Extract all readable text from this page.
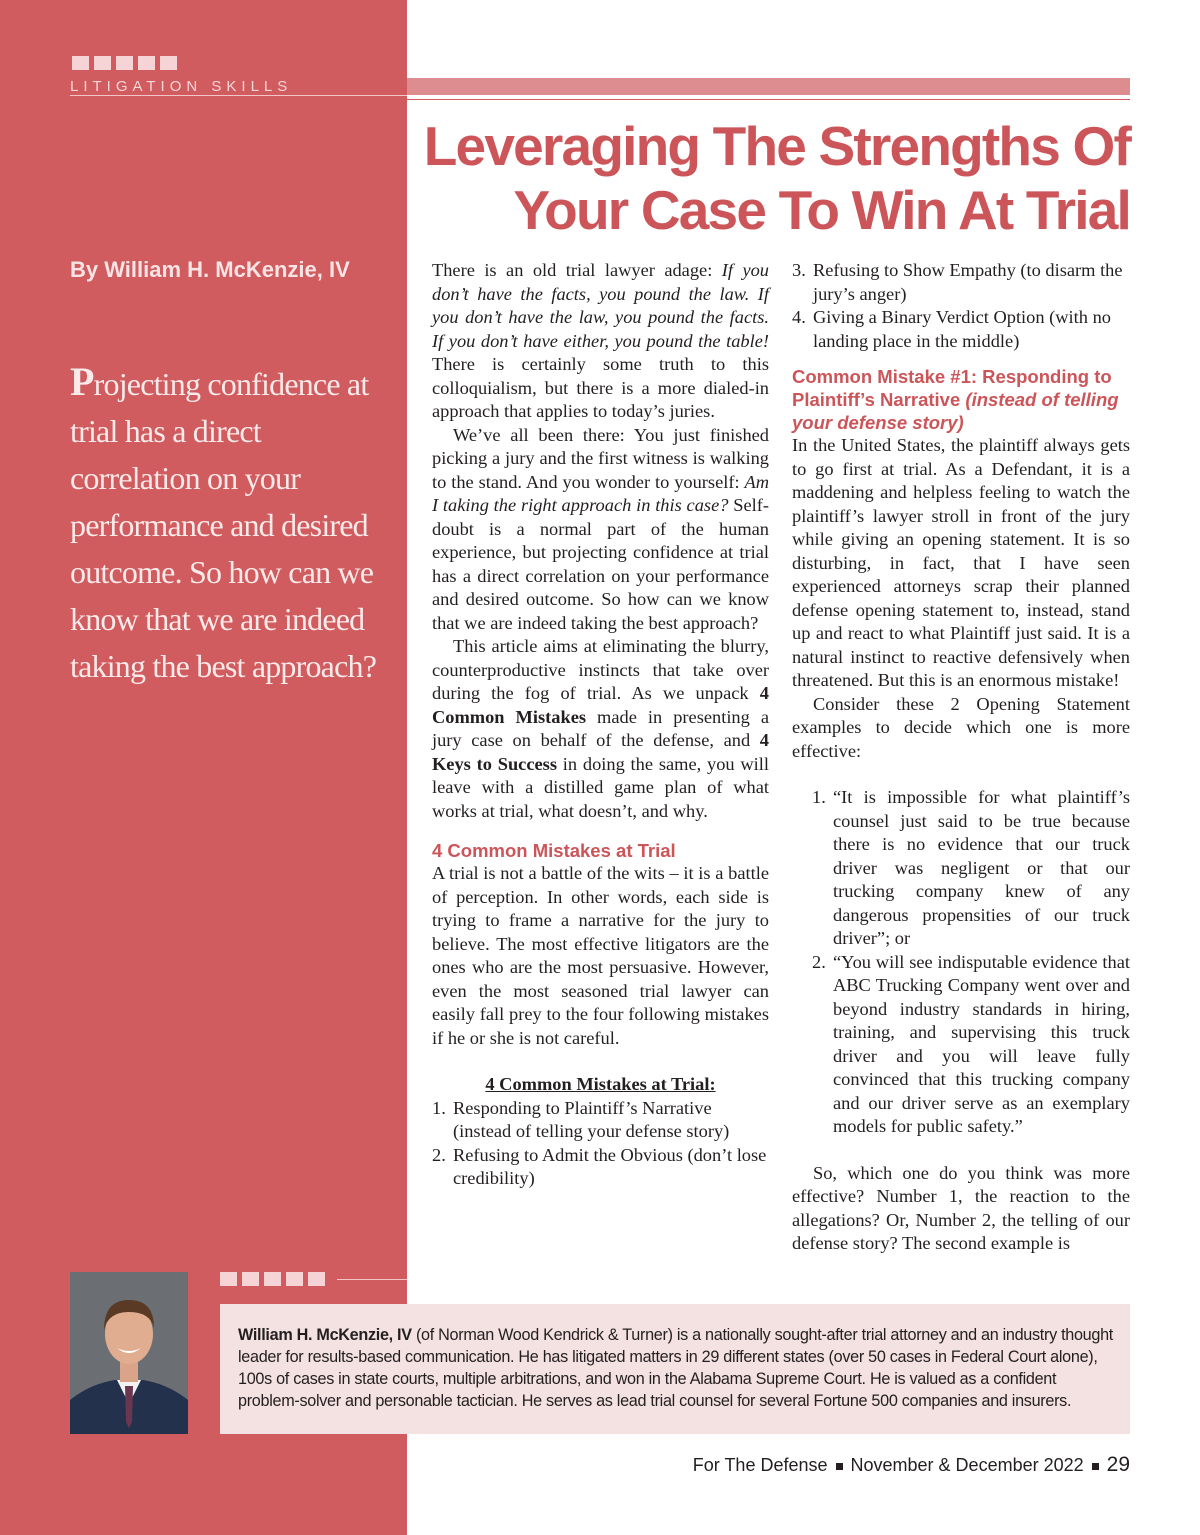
LITIGATION SKILLS
By William H. McKenzie, IV
Projecting confidence at trial has a direct correlation on your performance and desired outcome. So how can we know that we are indeed taking the best approach?
Leveraging The Strengths Of
Your Case To Win At Trial

There is an old trial lawyer adage: If you don’t have the facts, you pound the law. If you don’t have the law, you pound the facts. If you don’t have either, you pound the table! There is certainly some truth to this colloquialism, but there is a more dialed-in approach that applies to today’s juries.

We’ve all been there: You just finished picking a jury and the first witness is walking to the stand. And you wonder to yourself: Am I taking the right approach in this case? Self-doubt is a normal part of the human experience, but projecting confidence at trial has a direct correlation on your performance and desired outcome. So how can we know that we are indeed taking the best approach?

This article aims at eliminating the blurry, counterproductive instincts that take over during the fog of trial. As we unpack 4 Common Mistakes made in presenting a jury case on behalf of the defense, and 4 Keys to Success in doing the same, you will leave with a distilled game plan of what works at trial, what doesn’t, and why.

4 Common Mistakes at Trial

A trial is not a battle of the wits – it is a battle of perception. In other words, each side is trying to frame a narrative for the jury to believe. The most effective litigators are the ones who are the most persuasive. However, even the most seasoned trial lawyer can easily fall prey to the four following mistakes if he or she is not careful.

4 Common Mistakes at Trial:

1. Responding to Plaintiff’s Narrative (instead of telling your defense story)
2. Refusing to Admit the Obvious (don’t lose credibility)
3. Refusing to Show Empathy (to disarm the jury’s anger)
4. Giving a Binary Verdict Option (with no landing place in the middle)

Common Mistake #1: Responding to Plaintiff’s Narrative (instead of telling your defense story)

In the United States, the plaintiff always gets to go first at trial. As a Defendant, it is a maddening and helpless feeling to watch the plaintiff’s lawyer stroll in front of the jury while giving an opening statement. It is so disturbing, in fact, that I have seen experienced attorneys scrap their planned defense opening statement to, instead, stand up and react to what Plaintiff just said. It is a natural instinct to reactive defensively when threatened. But this is an enormous mistake!

Consider these 2 Opening Statement examples to decide which one is more effective:

1. “It is impossible for what plaintiff’s counsel just said to be true because there is no evidence that our truck driver was negligent or that our trucking company knew of any dangerous propensities of our truck driver”; or
2. “You will see indisputable evidence that ABC Trucking Company went over and beyond industry standards in hiring, training, and supervising this truck driver and you will leave fully convinced that this trucking company and our driver serve as an exemplary models for public safety.”

So, which one do you think was more effective? Number 1, the reaction to the allegations? Or, Number 2, the telling of our defense story? The second example is

William H. McKenzie, IV (of Norman Wood Kendrick & Turner) is a nationally sought-after trial attorney and an industry thought leader for results-based communication. He has litigated matters in 29 different states (over 50 cases in Federal Court alone), 100s of cases in state courts, multiple arbitrations, and won in the Alabama Supreme Court. He is valued as a confident problem-solver and personable tactician. He serves as lead trial counsel for several Fortune 500 companies and insurers.
For The Defense November & December 2022 29
